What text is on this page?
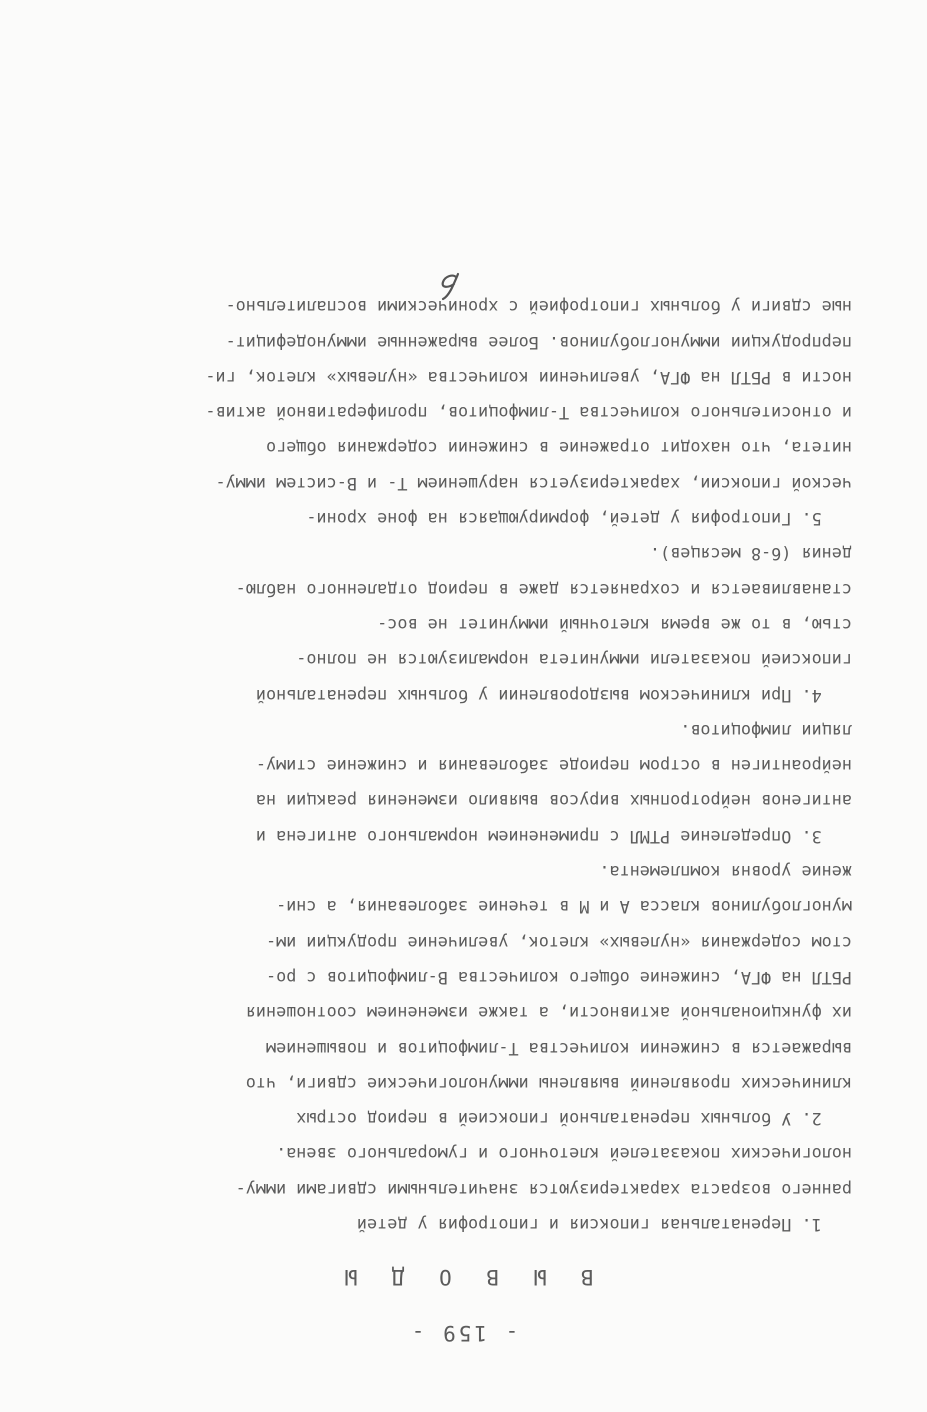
- 159 -
В Ы В О Д Ы
1. Перенатальная гипоксия и гипотрофия у детей
раннего возраста характеризуются значительными сдвигами имму-
нологических показателей клеточного и гуморального звена.
2. У больных перенатальной гипоксией в период острых
клинических проявлений выявлены иммунологические сдвиги, что
выражается в снижении количества Т-лимфоцитов и повышением
их функциональной активности, а также изменением соотношения
РБТЛ на ФГА, снижение общего количества В-лимфоцитов с ро-
стом содержания «нулевых» клеток, увеличение продукции им-
муноглобулинов класса А и М в течение заболевания, а сни-
жение уровня комплемента.
3. Определение РТМЛ с применением нормального антигена и
антигенов нейротропных вирусов выявило изменения реакции на
нейроантиген в остром периоде заболевания и снижение стиму-
ляции лимфоцитов.
4. При клиническом выздоровлении у больных перенатальной
гипоксией показатели иммунитета нормализуются не полно-
стью, в то же время клеточный иммунитет не вос-
станавливается и сохраняется даже в период отдаленного наблю-
дения (6-8 месяцев).
5. Гипотрофия у детей, формирующаяся на фоне хрони-
ческой гипоксии, характеризуется нарушением Т- и В-систем имму-
нитета, что находит отражение в снижении содержания общего
и относительного количества Т-лимфоцитов, пролиферативной актив-
ности в РБТЛ на ФГА, увеличении количества «нулевых» клеток, ги-
перпродукции иммуноглобулинов. Более выраженные иммунодефицит-
ные сдвиги у больных гипотрофией с хроническими воспалительно-
